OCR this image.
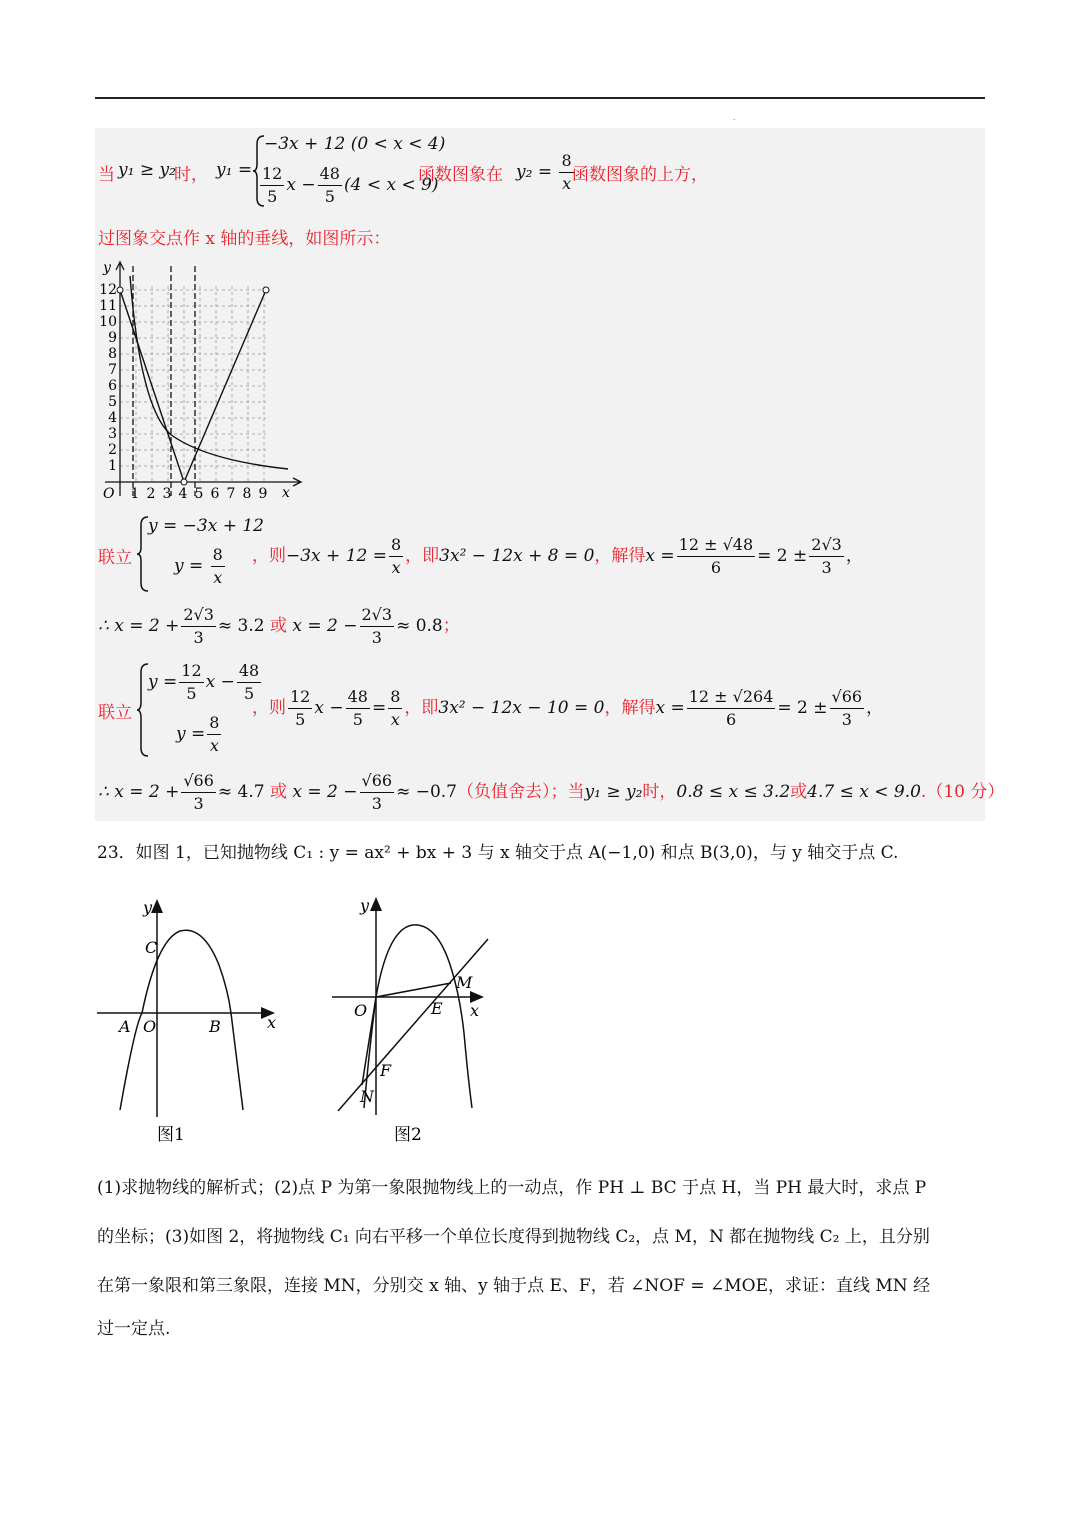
.
当 y₁ ≥ y₂
时， y₁ =
−3x + 12 (0 < x < 4)
$\frac{12}{5}$ $x - \frac{48}{5} (4 < x < 9)$
函数图象在 $y_2 = \frac{8}{x}$
函数图象的上方，
过图象交点作 x 轴的垂线，如图所示：
y
x
O
12
11
10
9
8
7
6
5
4
3
2
1
1 2 3 4 5 6 7 8 9
联立
y = −3x + 12
$y = \frac{8}{x}$ ，则$-3x + 12 = \frac{8}{x}$ ，即3x² − 12x + 8 = 0，解得$x = \frac{12 \pm √48}{6} = 2 \pm \frac{2√3}{3}$ ，
∴ $x = 2 + \frac{2√3}{3} \approx 3.2$ 或 $x = 2 - \frac{2√3}{3} \approx 0.8$；
联立
$y = \frac{12}{5}$ $x - \frac{48}{5}$
$y = \frac{8}{x}$
，则 $\frac{12}{5}$ $x - \frac{48}{5} = \frac{8}{x}$ ，即3x² − 12x − 10 = 0，解得$x = \frac{12 \pm √264}{6} = 2 \pm \frac{√66}{3}$ ，
∴ $x = 2 + \frac{√66}{3} \approx 4.7$ 或 $x = 2 - \frac{√66}{3} \approx -0.7$（负值舍去）；当y₁ ≥ y₂时，0.8 ≤ x ≤ 3.2或4.7 ≤ x < 9.0.（10 分）
23．如图 1，已知抛物线 C₁ : y = ax² + bx + 3 与 x 轴交于点 A(−1,0) 和点 B(3,0)，与 y 轴交于点 C.
y
x
C
A O	B
图1
y
x
M
O	E
F
N
图2
(1)求抛物线的解析式；(2)点 P 为第一象限抛物线上的一动点，作 PH ⊥ BC 于点 H，当 PH 最大时，求点 P
的坐标；(3)如图 2，将抛物线 C₁ 向右平移一个单位长度得到抛物线 C₂，点 M，N 都在抛物线 C₂ 上，且分别
在第一象限和第三象限，连接 MN，分别交 x 轴、y 轴于点 E、F，若 ∠NOF = ∠MOE，求证：直线 MN 经
过一定点.
